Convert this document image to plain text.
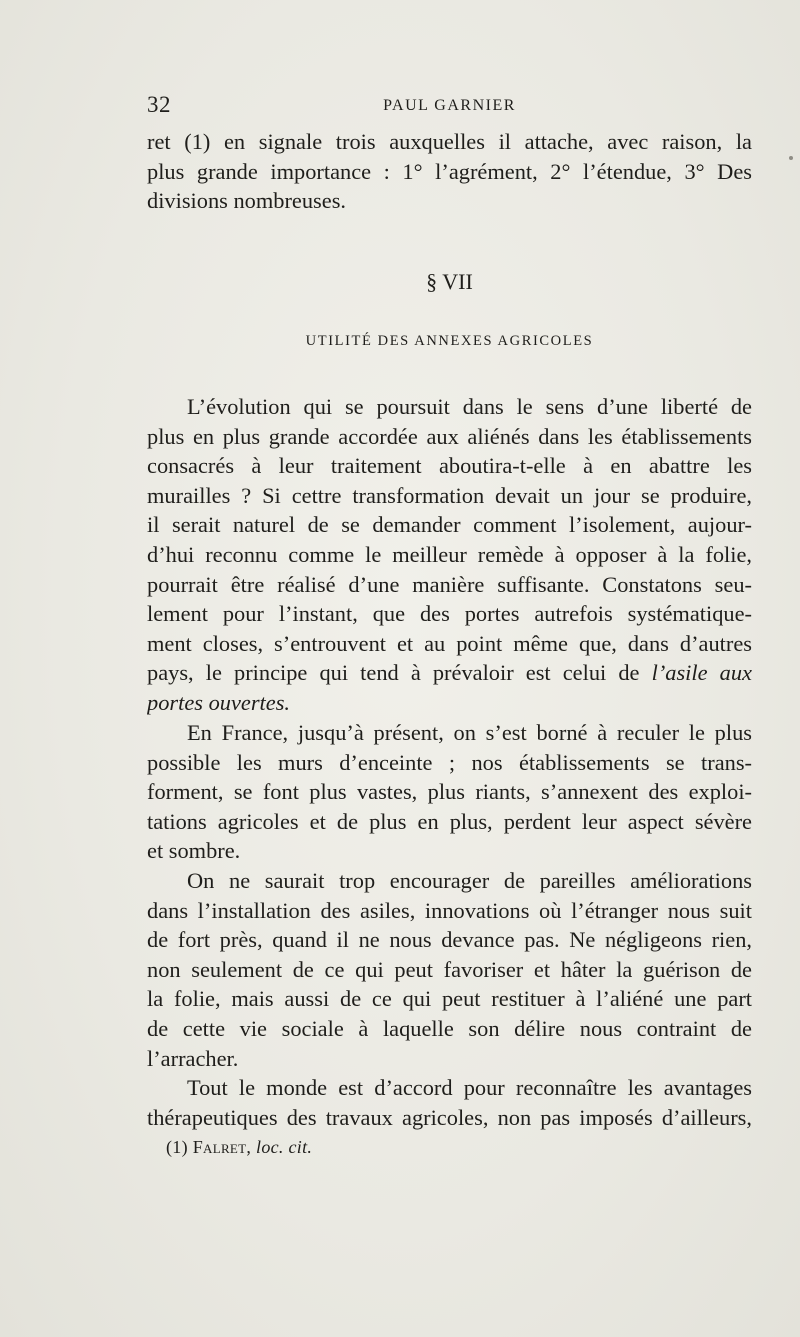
32	PAUL GARNIER
ret (1) en signale trois auxquelles il attache, avec raison, la
plus grande importance : 1° l’agrément, 2° l’étendue, 3° Des
divisions nombreuses.
§ VII
UTILITÉ DES ANNEXES AGRICOLES
L’évolution qui se poursuit dans le sens d’une liberté de
plus en plus grande accordée aux aliénés dans les établissements
consacrés à leur traitement aboutira-t-elle à en abattre les
murailles ? Si cettre transformation devait un jour se produire,
il serait naturel de se demander comment l’isolement, aujour-
d’hui reconnu comme le meilleur remède à opposer à la folie,
pourrait être réalisé d’une manière suffisante. Constatons seu-
lement pour l’instant, que des portes autrefois systématique-
ment closes, s’entrouvent et au point même que, dans d’autres
pays, le principe qui tend à prévaloir est celui de l’asile aux
portes ouvertes.
En France, jusqu’à présent, on s’est borné à reculer le plus
possible les murs d’enceinte ; nos établissements se trans-
forment, se font plus vastes, plus riants, s’annexent des exploi-
tations agricoles et de plus en plus, perdent leur aspect sévère
et sombre.
On ne saurait trop encourager de pareilles améliorations
dans l’installation des asiles, innovations où l’étranger nous suit
de fort près, quand il ne nous devance pas. Ne négligeons rien,
non seulement de ce qui peut favoriser et hâter la guérison de
la folie, mais aussi de ce qui peut restituer à l’aliéné une part
de cette vie sociale à laquelle son délire nous contraint de
l’arracher.
Tout le monde est d’accord pour reconnaître les avantages
thérapeutiques des travaux agricoles, non pas imposés d’ailleurs,
(1) Falret, loc. cit.
